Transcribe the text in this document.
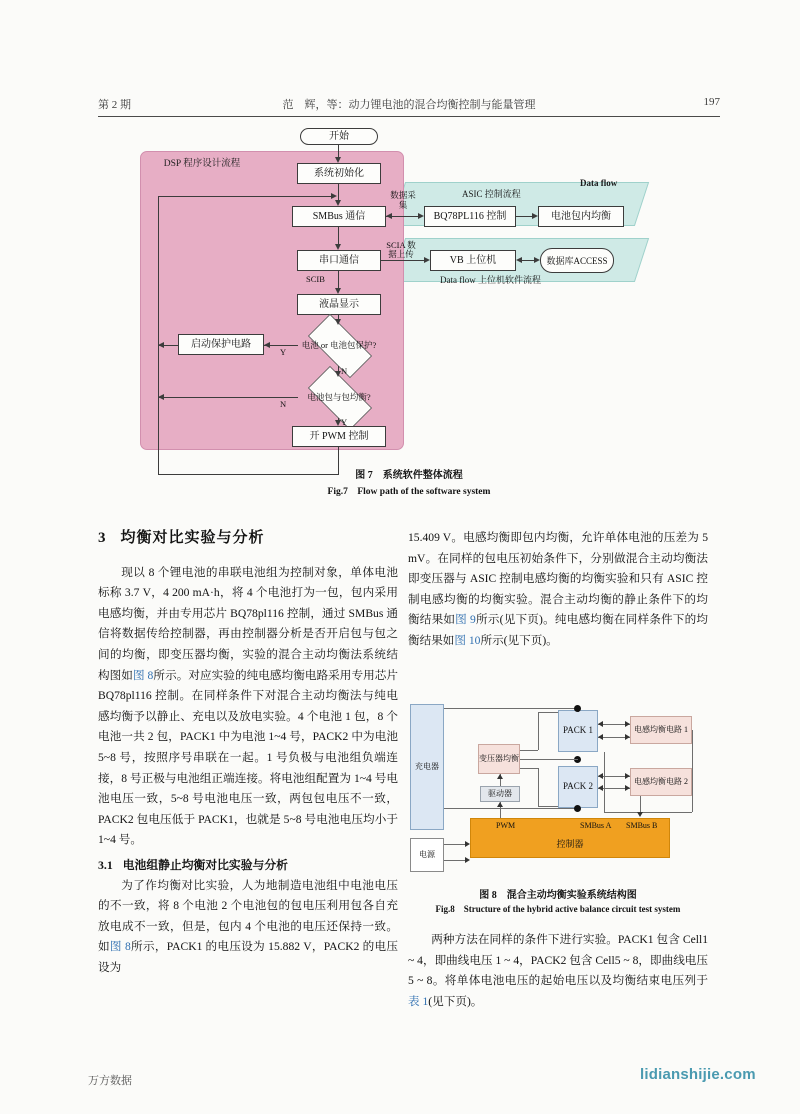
第 2 期	范　辉，等：动力锂电池的混合均衡控制与能量管理	197
ASIC 控制流程
Data flow
Data flow 上位机软件流程
DSP 程序设计流程
开始
系统初始化
SMBus 通信
串口通信
液晶显示
电池 or 电池包保护?
启动保护电路
电池包与包均衡?
开 PWM 控制
BQ78PL116 控制	电池包内均衡
VB 上位机	数据库ACCESS
SCIB
Y
N
N
Y
数据采集
SCIA 数据上传
图 7　系统软件整体流程
Fig.7　Flow path of the software system
3 均衡对比实验与分析

现以 8 个锂电池的串联电池组为控制对象，单体电池标称 3.7 V，4 200 mA·h，将 4 个电池打为一包，包内采用电感均衡，并由专用芯片 BQ78pl116 控制，通过 SMBus 通信将数据传给控制器，再由控制器分析是否开启包与包之间的均衡，即变压器均衡，实验的混合主动均衡法系统结构图如图 8所示。对应实验的纯电感均衡电路采用专用芯片 BQ78pl116 控制。在同样条件下对混合主动均衡法与纯电感均衡予以静止、充电以及放电实验。4 个电池 1 包，8 个电池一共 2 包，PACK1 中为电池 1~4 号，PACK2 中为电池 5~8 号，按照序号串联在一起。1 号负极与电池组负端连接，8 号正极与电池组正端连接。将电池组配置为 1~4 号电池电压一致，5~8 号电池电压一致，两包包电压不一致，PACK2 包电压低于 PACK1，也就是 5~8 号电池电压均小于 1~4 号。

3.1 电池组静止均衡对比实验与分析

为了作均衡对比实验，人为地制造电池组中电池电压的不一致，将 8 个电池 2 个电池包的包电压利用包各自充放电成不一致，但是，包内 4 个电池的电压还保持一致。如图 8所示，PACK1 的电压设为 15.882 V，PACK2 的电压设为

15.409 V。电感均衡即包内均衡，允许单体电池的压差为 5 mV。在同样的包电压初始条件下，分别做混合主动均衡法即变压器与 ASIC 控制电感均衡的均衡实验和只有 ASIC 控制电感均衡的均衡实验。混合主动均衡的静止条件下的均衡结果如图 9所示(见下页)。纯电感均衡在同样条件下的均衡结果如图 10所示(见下页)。

充电器
电源
变压器均衡
驱动器
PACK 1
PACK 2
电感均衡电路 1
电感均衡电路 2
控制器
PWM	SMBus A SMBus B
图 8　混合主动均衡实验系统结构图
Fig.8　Structure of the hybrid active balance circuit test system

两种方法在同样的条件下进行实验。PACK1 包含 Cell1 ~ 4，即曲线电压 1 ~ 4，PACK2 包含 Cell5 ~ 8，即曲线电压 5 ~ 8。将单体电池电压的起始电压以及均衡结束电压列于表 1(见下页)。

万方数据	lidianshijie.com
